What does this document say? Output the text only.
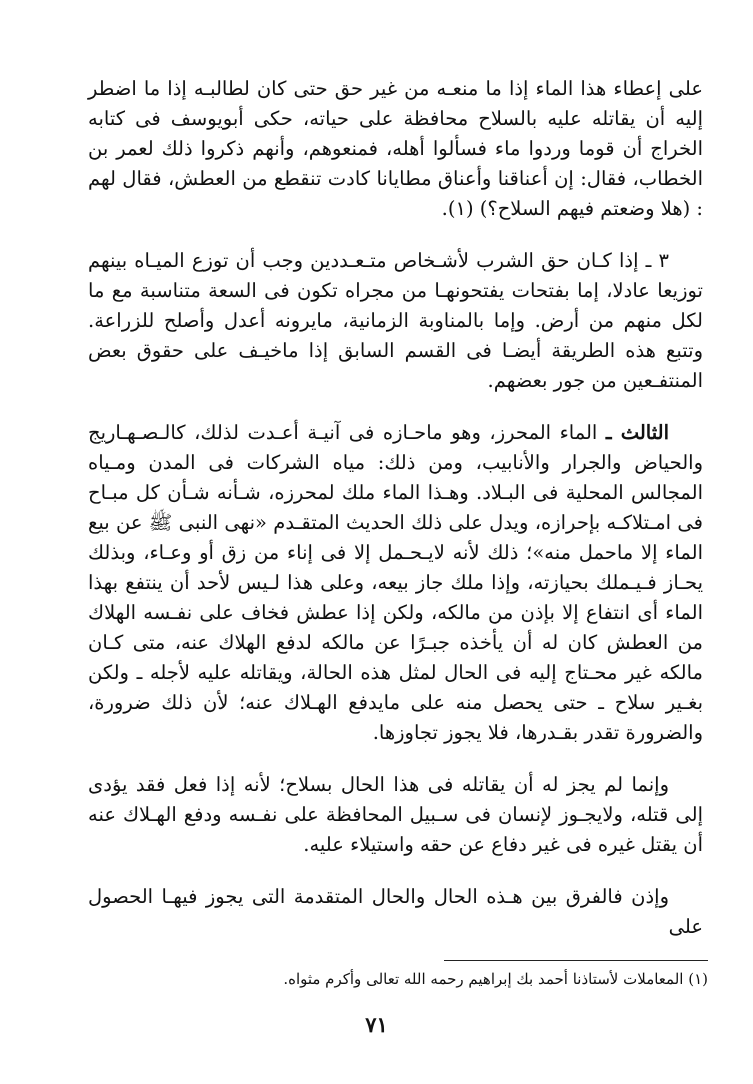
على إعطاء هذا الماء إذا ما منعـه من غير حق حتى كان لطالبـه إذا ما اضطر إليه أن يقاتله عليه بالسلاح محافظة على حياته، حكى أبويوسف فى كتابه الخراج أن قوما وردوا ماء فسألوا أهله، فمنعوهم، وأنهم ذكروا ذلك لعمر بن الخطاب، فقال: إن أعناقنا وأعناق مطايانا كادت تنقطع من العطش، فقال لهم : (هلا وضعتم فيهم السلاح؟) (١).

٣ ـ إذا كـان حق الشرب لأشـخاص متـعـددين وجب أن توزع الميـاه بينهم توزيعا عادلا، إما بفتحات يفتحونهـا من مجراه تكون فى السعة متناسبة مع ما لكل منهم من أرض. وإما بالمناوبة الزمانية، مايرونه أعدل وأصلح للزراعة. وتتبع هذه الطريقة أيضـا فى القسم السابق إذا ماخيـف على حقوق بعض المنتفـعين من جور بعضهم.

الثالث ـ الماء المحرز، وهو ماحـازه فى آنيـة أعـدت لذلك، كالـصـهـاريج والحياض والجرار والأنابيب، ومن ذلك: مياه الشركات فى المدن ومـياه المجالس المحلية فى البـلاد. وهـذا الماء ملك لمحرزه، شـأنه شـأن كل مبـاح فى امـتلاكـه بإحرازه، ويدل على ذلك الحديث المتقـدم «نهى النبى ﷺ عن بيع الماء إلا ماحمل منه»؛ ذلك لأنه لايـحـمل إلا فى إناء من زق أو وعـاء، وبذلك يحـاز فـيـملك بحيازته، وإذا ملك جاز بيعه، وعلى هذا لـيس لأحد أن ينتفع بهذا الماء أى انتفاع إلا بإذن من مالكه، ولكن إذا عطش فخاف على نفـسه الهلاك من العطش كان له أن يأخذه جبـرًا عن مالكه لدفع الهلاك عنه، متى كـان مالكه غير محـتاج إليه فى الحال لمثل هذه الحالة، ويقاتله عليه لأجله ـ ولكن بغـير سلاح ـ حتى يحصل منه على مايدفع الهـلاك عنه؛ لأن ذلك ضرورة، والضرورة تقدر بقـدرها، فلا يجوز تجاوزها.

وإنما لم يجز له أن يقاتله فى هذا الحال بسلاح؛ لأنه إذا فعل فقد يؤدى إلى قتله، ولايجـوز لإنسان فى سـبيل المحافظة على نفـسه ودفع الهـلاك عنه أن يقتل غيره فى غير دفاع عن حقه واستيلاء عليه.

وإذن فالفرق بين هـذه الحال والحال المتقدمة التى يجوز فيهـا الحصول على

(١) المعاملات لأستاذنا أحمد بك إبراهيم رحمه الله تعالى وأكرم مثواه.
٧١
